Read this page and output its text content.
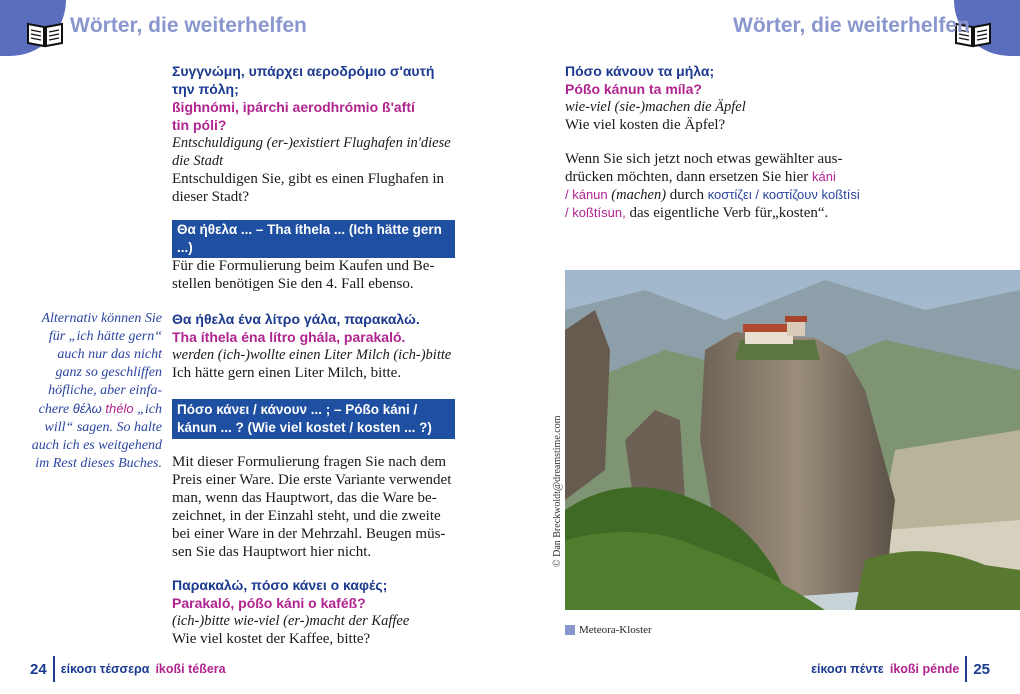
Wörter, die weiterhelfen	Wörter, die weiterhelfen
Συγγνώμη, υπάρχει αεροδρόμιο σ'αυτή
την πόλη;
ßighnómi, ipárchi aerodhrómio ß'aftí
tin póli?
Entschuldigung (er-)existiert Flughafen in'diese
die Stadt
Entschuldigen Sie, gibt es einen Flughafen in
dieser Stadt?
Θα ήθελα ... – Tha íthela ... (Ich hätte gern ...)
Für die Formulierung beim Kaufen und Be-
stellen benötigen Sie den 4. Fall ebenso.
Θα ήθελα ένα λίτρο γάλα, παρακαλώ.
Tha íthela éna lítro ghála, parakaló.
werden (ich-)wollte einen Liter Milch (ich-)bitte
Ich hätte gern einen Liter Milch, bitte.
Πόσο κάνει / κάνουν ... ; – Ρόßo káni /
kánun ... ? (Wie viel kostet / kosten ... ?)
Mit dieser Formulierung fragen Sie nach dem
Preis einer Ware. Die erste Variante verwendet
man, wenn das Hauptwort, das die Ware be-
zeichnet, in der Einzahl steht, und die zweite
bei einer Ware in der Mehrzahl. Beugen müs-
sen Sie das Hauptwort hier nicht.
Παρακαλώ, πόσο κάνει ο καφές;
Parakaló, póßo káni o kaféß?
(ich-)bitte wie-viel (er-)macht der Kaffee
Wie viel kostet der Kaffee, bitte?
Alternativ können Sie
für „ich hätte gern“
auch nur das nicht
ganz so geschliffen
höfliche, aber einfa-
chere θέλω thélo „ich
will“ sagen. So halte
auch ich es weitgehend
im Rest dieses Buches.
24 είκοσι τέσσερα íkoßi téßera
Πόσο κάνουν τα μήλα;
Póßo kánun ta míla?
wie-viel (sie-)machen die Äpfel
Wie viel kosten die Äpfel?
Wenn Sie sich jetzt noch etwas gewählter aus-
drücken möchten, dann ersetzen Sie hier káni
/ kánun (machen) durch κοστίζει / κοστίζουν koßtísi
/ koßtísun, das eigentliche Verb für„kosten“.
© Dan Breckwoldt@dreamstime.com
Meteora-Kloster
είκοσι πέντε íkoßi pénde 25
